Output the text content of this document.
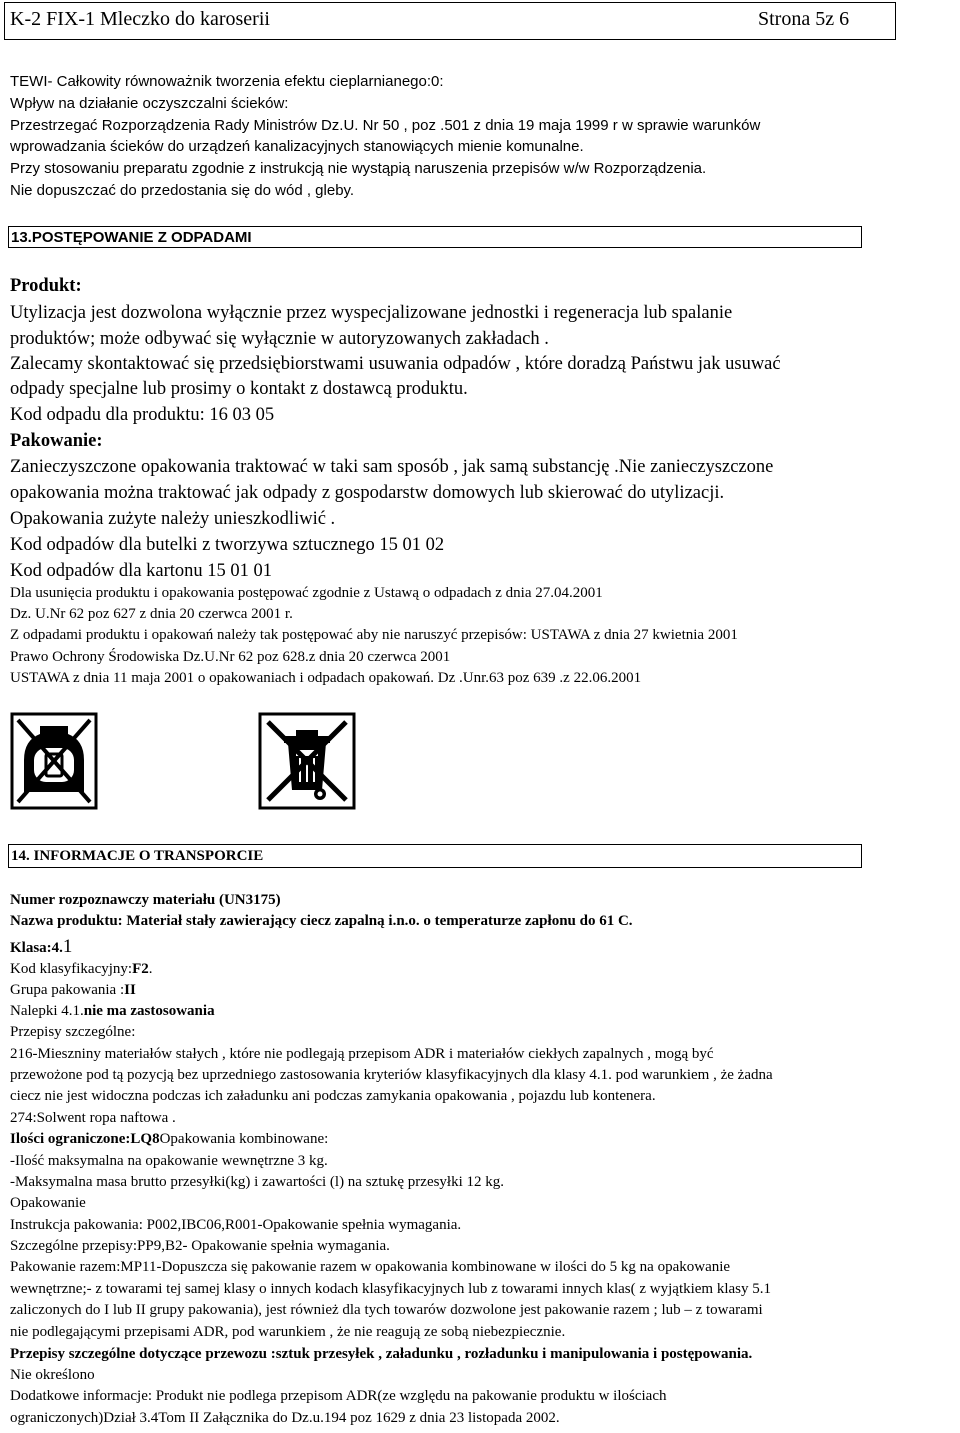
K-2 FIX-1 Mleczko do karoserii	Strona 5z 6
TEWI- Całkowity równoważnik tworzenia efektu cieplarnianego:0:
Wpływ na działanie oczyszczalni ścieków:
Przestrzegać Rozporządzenia Rady Ministrów Dz.U. Nr 50 , poz .501 z dnia 19 maja 1999 r w sprawie warunków
wprowadzania ścieków do urządzeń kanalizacyjnych stanowiących mienie komunalne.
Przy stosowaniu preparatu zgodnie z instrukcją nie wystąpią naruszenia przepisów w/w Rozporządzenia.
Nie dopuszczać do przedostania się do wód , gleby.
13.POSTĘPOWANIE Z ODPADAMI
Produkt:
Utylizacja jest dozwolona wyłącznie przez wyspecjalizowane jednostki i regeneracja lub spalanie
produktów; może odbywać się wyłącznie w autoryzowanych zakładach .
Zalecamy skontaktować się przedsiębiorstwami usuwania odpadów , które doradzą Państwu jak usuwać
odpady specjalne lub prosimy o kontakt z dostawcą produktu.
Kod odpadu dla produktu: 16 03 05
Pakowanie:
Zanieczyszczone opakowania traktować w taki sam sposób , jak samą substancję .Nie zanieczyszczone
opakowania można traktować jak odpady z gospodarstw domowych lub skierować do utylizacji.
Opakowania zużyte należy unieszkodliwić .
Kod odpadów dla butelki z tworzywa sztucznego 15 01 02
Kod odpadów dla kartonu 15 01 01
Dla usunięcia produktu i opakowania postępować zgodnie z Ustawą o odpadach z dnia 27.04.2001
Dz. U.Nr 62 poz 627 z dnia 20 czerwca 2001 r.
Z odpadami produktu i opakowań należy tak postępować aby nie naruszyć przepisów: USTAWA z dnia 27 kwietnia 2001
Prawo Ochrony Środowiska Dz.U.Nr 62 poz 628.z dnia 20 czerwca 2001
USTAWA z dnia 11 maja 2001 o opakowaniach i odpadach opakowań. Dz .Unr.63 poz 639 .z 22.06.2001
14. INFORMACJE O TRANSPORCIE
Numer rozpoznawczy materiału (UN3175)
Nazwa produktu: Materiał stały zawierający ciecz zapalną i.n.o. o temperaturze zapłonu do 61 C.
Klasa:4.1
Kod klasyfikacyjny:F2.
Grupa pakowania :II
Nalepki 4.1.nie ma zastosowania
Przepisy szczególne:
216-Mieszniny materiałów stałych , które nie podlegają przepisom ADR i materiałów ciekłych zapalnych , mogą być
przewożone pod tą pozycją bez uprzedniego zastosowania kryteriów klasyfikacyjnych dla klasy 4.1. pod warunkiem , że żadna
ciecz nie jest widoczna podczas ich załadunku ani podczas zamykania opakowania , pojazdu lub kontenera.
274:Solwent ropa naftowa .
Ilości ograniczone:LQ8Opakowania kombinowane:
-Ilość maksymalna na opakowanie wewnętrzne 3 kg.
-Maksymalna masa brutto przesyłki(kg) i zawartości (l) na sztukę przesyłki 12 kg.
Opakowanie
Instrukcja pakowania: P002,IBC06,R001-Opakowanie spełnia wymagania.
Szczególne przepisy:PP9,B2- Opakowanie spełnia wymagania.
Pakowanie razem:MP11-Dopuszcza się pakowanie razem w opakowania kombinowane w ilości do 5 kg na opakowanie
wewnętrzne;- z towarami tej samej klasy o innych kodach klasyfikacyjnych lub z towarami innych klas( z wyjątkiem klasy 5.1
zaliczonych do I lub II grupy pakowania), jest również dla tych towarów dozwolone jest pakowanie razem ; lub – z towarami
nie podlegającymi przepisami ADR, pod warunkiem , że nie reagują ze sobą niebezpiecznie.
Przepisy szczególne dotyczące przewozu :sztuk przesyłek , załadunku , rozładunku i manipulowania i postępowania.
Nie określono
Dodatkowe informacje: Produkt nie podlega przepisom ADR(ze względu na pakowanie produktu w ilościach
ograniczonych)Dział 3.4Tom II Załącznika do Dz.u.194 poz 1629 z dnia 23 listopada 2002.
